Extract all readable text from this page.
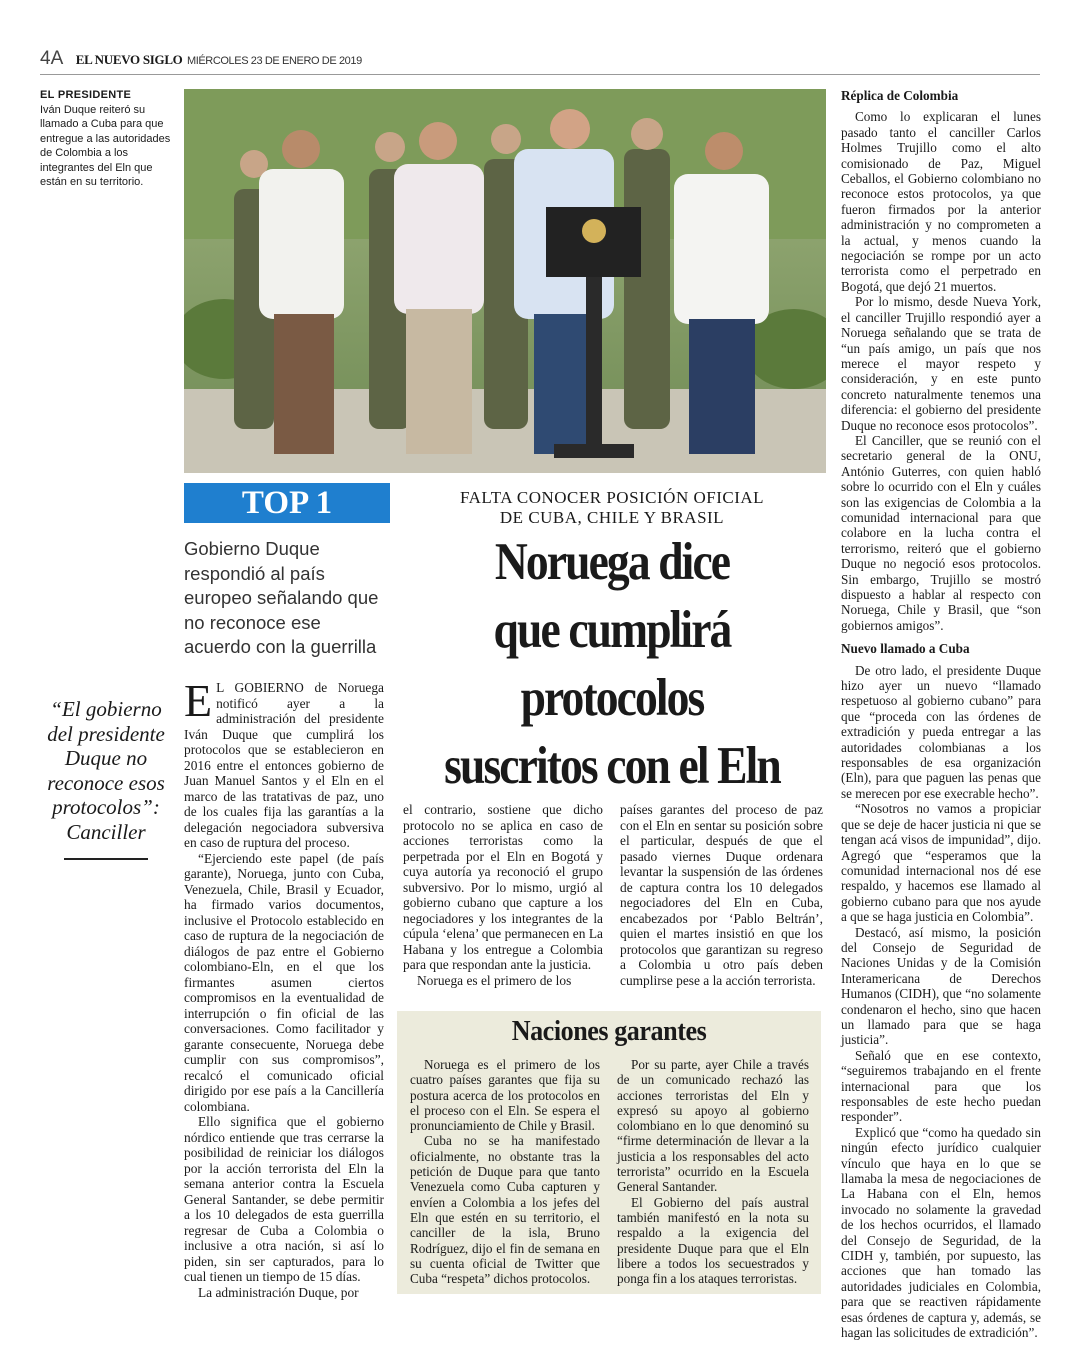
4A EL NUEVO SIGLO MIÉRCOLES 23 DE ENERO DE 2019
EL PRESIDENTE
Iván Duque reiteró su llamado a Cuba para que entregue a las autoridades de Colombia a los integrantes del Eln que están en su territorio.
TOP 1
Gobierno Duque respondió al país europeo señalando que no reconoce ese acuerdo con la guerrilla
FALTA CONOCER POSICIÓN OFICIAL
DE CUBA, CHILE Y BRASIL
Noruega dice
que cumplirá
protocolos
suscritos con el Eln
“El gobierno del presidente Duque no reconoce esos protocolos”: Canciller

E L GOBIERNO de Noruega notificó ayer a la administración del presidente Iván Duque que cumplirá los protocolos que se establecieron en 2016 entre el entonces gobierno de Juan Manuel Santos y el Eln en el marco de las tratativas de paz, uno de los cuales fija las garantías a la delegación negociadora subversiva en caso de ruptura del proceso.

“Ejerciendo este papel (de país garante), Noruega, junto con Cuba, Venezuela, Chile, Brasil y Ecuador, ha firmado varios documentos, inclusive el Protocolo establecido en caso de ruptura de la negociación de diálogos de paz entre el Gobierno colombiano-Eln, en el que los firmantes asumen ciertos compromisos en la eventualidad de interrupción o fin oficial de las conversaciones. Como facilitador y garante consecuente, Noruega debe cumplir con sus compromisos”, recalcó el comunicado oficial dirigido por ese país a la Cancillería colombiana.

Ello significa que el gobierno nórdico entiende que tras cerrarse la posibilidad de reiniciar los diálogos por la acción terrorista del Eln la semana anterior contra la Escuela General Santander, se debe permitir a los 10 delegados de esta guerrilla regresar de Cuba a Colombia o inclusive a otra nación, si así lo piden, sin ser capturados, para lo cual tienen un tiempo de 15 días.

La administración Duque, por

el contrario, sostiene que dicho protocolo no se aplica en caso de acciones terroristas como la perpetrada por el Eln en Bogotá y cuya autoría ya reconoció el grupo subversivo. Por lo mismo, urgió al gobierno cubano que capture a los negociadores y los integrantes de la cúpula ‘elena’ que permanecen en La Habana y los entregue a Colombia para que respondan ante la justicia.

Noruega es el primero de los

países garantes del proceso de paz con el Eln en sentar su posición sobre el particular, después de que el pasado viernes Duque ordenara levantar la suspensión de las órdenes de captura contra los 10 delegados negociadores del Eln en Cuba, encabezados por ‘Pablo Beltrán’, quien el martes insistió en que los protocolos que garantizan su regreso a Colombia u otro país deben cumplirse pese a la acción terrorista.

Naciones garantes

Noruega es el primero de los cuatro países garantes que fija su postura acerca de los protocolos en el proceso con el Eln. Se espera el pronunciamiento de Chile y Brasil.

Cuba no se ha manifestado oficialmente, no obstante tras la petición de Duque para que tanto Venezuela como Cuba capturen y envíen a Colombia a los jefes del Eln que estén en su territorio, el canciller de la isla, Bruno Rodríguez, dijo el fin de semana en su cuenta oficial de Twitter que Cuba “respeta” dichos protocolos.

Por su parte, ayer Chile a través de un comunicado rechazó las acciones terroristas del Eln y expresó su apoyo al gobierno colombiano en lo que denominó su “firme determinación de llevar a la justicia a los responsables del acto terrorista” ocurrido en la Escuela General Santander.

El Gobierno del país austral también manifestó en la nota su respaldo a la exigencia del presidente Duque para que el Eln libere a todos los secuestrados y ponga fin a los ataques terroristas.

Réplica de Colombia

Como lo explicaran el lunes pasado tanto el canciller Carlos Holmes Trujillo como el alto comisionado de Paz, Miguel Ceballos, el Gobierno colombiano no reconoce estos protocolos, ya que fueron firmados por la anterior administración y no comprometen a la actual, y menos cuando la negociación se rompe por un acto terrorista como el perpetrado en Bogotá, que dejó 21 muertos.

Por lo mismo, desde Nueva York, el canciller Trujillo respondió ayer a Noruega señalando que se trata de “un país amigo, un país que nos merece el mayor respeto y consideración, y en este punto concreto naturalmente tenemos una diferencia: el gobierno del presidente Duque no reconoce esos protocolos”.

El Canciller, que se reunió con el secretario general de la ONU, António Guterres, con quien habló sobre lo ocurrido con el Eln y cuáles son las exigencias de Colombia a la comunidad internacional para que colabore en la lucha contra el terrorismo, reiteró que el gobierno Duque no negoció esos protocolos. Sin embargo, Trujillo se mostró dispuesto a hablar al respecto con Noruega, Chile y Brasil, que “son gobiernos amigos”.

Nuevo llamado a Cuba

De otro lado, el presidente Duque hizo ayer un nuevo “llamado respetuoso al gobierno cubano” para que “proceda con las órdenes de extradición y pueda entregar a las autoridades colombianas a los responsables de esa organización (Eln), para que paguen las penas que se merecen por ese execrable hecho”.

“Nosotros no vamos a propiciar que se deje de hacer justicia ni que se tengan acá visos de impunidad”, dijo. Agregó que “esperamos que la comunidad internacional nos dé ese respaldo, y hacemos ese llamado al gobierno cubano para que nos ayude a que se haga justicia en Colombia”.

Destacó, así mismo, la posición del Consejo de Seguridad de Naciones Unidas y de la Comisión Interamericana de Derechos Humanos (CIDH), que “no solamente condenaron el hecho, sino que hacen un llamado para que se haga justicia”.

Señaló que en ese contexto, “seguiremos trabajando en el frente internacional para que los responsables de este hecho puedan responder”.

Explicó que “como ha quedado sin ningún efecto jurídico cualquier vínculo que haya en lo que se llamaba la mesa de negociaciones de La Habana con el Eln, hemos invocado no solamente la gravedad de los hechos ocurridos, el llamado del Consejo de Seguridad, de la CIDH y, también, por supuesto, las acciones que han tomado las autoridades judiciales en Colombia, para que se reactiven rápidamente esas órdenes de captura y, además, se hagan las solicitudes de extradición”.
